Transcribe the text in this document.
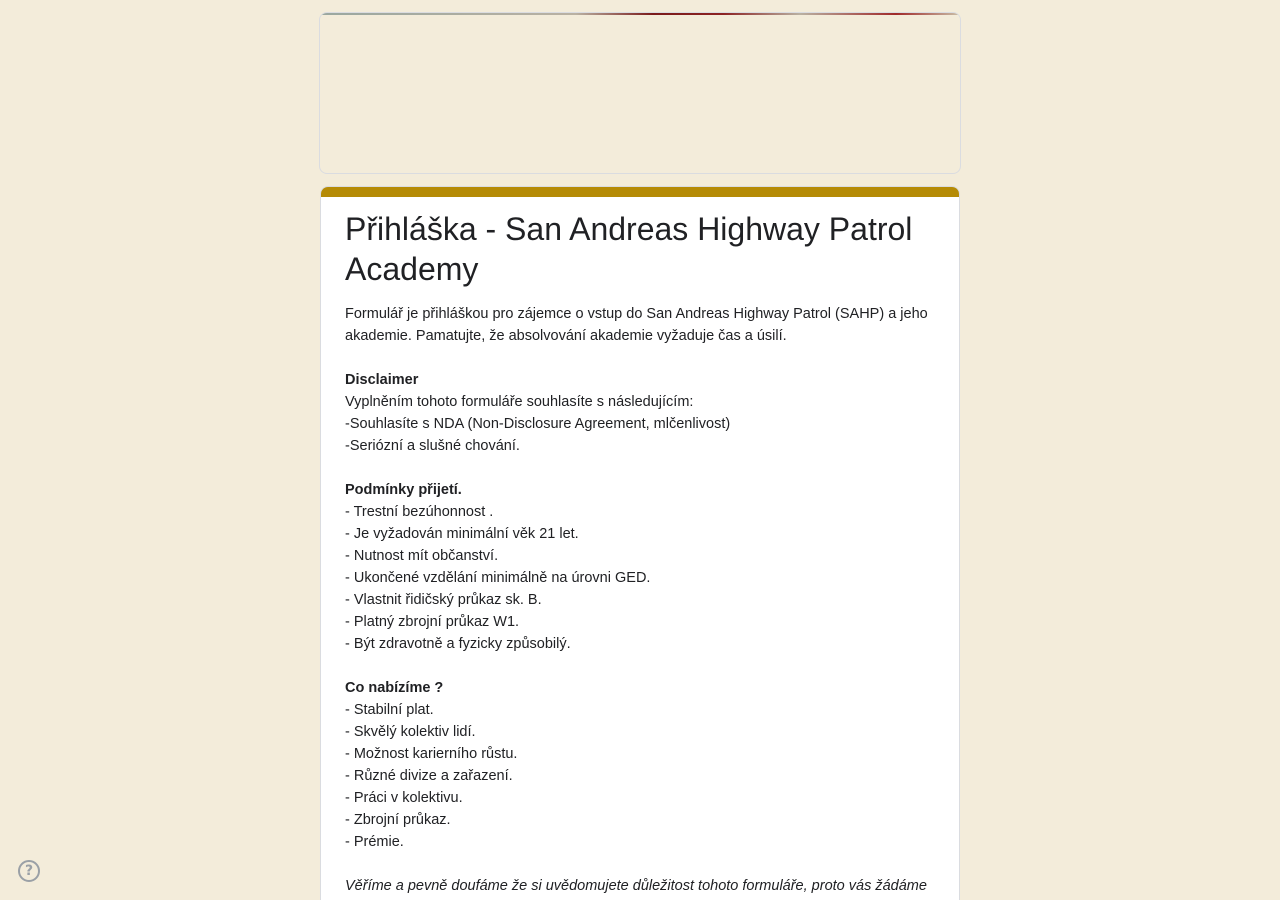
Přihláška - San Andreas Highway Patrol Academy
Formulář je přihláškou pro zájemce o vstup do San Andreas Highway Patrol (SAHP) a jeho akademie. Pamatujte, že absolvování akademie vyžaduje čas a úsilí.
Disclaimer
Vyplněním tohoto formuláře souhlasíte s následujícím:
-Souhlasíte s NDA (Non-Disclosure Agreement, mlčenlivost)
-Seriózní a slušné chování.
Podmínky přijetí.
- Trestní bezúhonnost .
- Je vyžadován minimální věk 21 let.
- Nutnost mít občanství.
- Ukončené vzdělání minimálně na úrovni GED.
- Vlastnit řidičský průkaz sk. B.
- Platný zbrojní průkaz W1.
- Být zdravotně a fyzicky způsobilý.
Co nabízíme ?
- Stabilní plat.
- Skvělý kolektiv lidí.
- Možnost karierního růstu.
- Různé divize a zařazení.
- Práci v kolektivu.
- Zbrojní průkaz.
- Prémie.
Věříme a pevně doufáme že si uvědomujete důležitost tohoto formuláře, proto vás žádáme
?
